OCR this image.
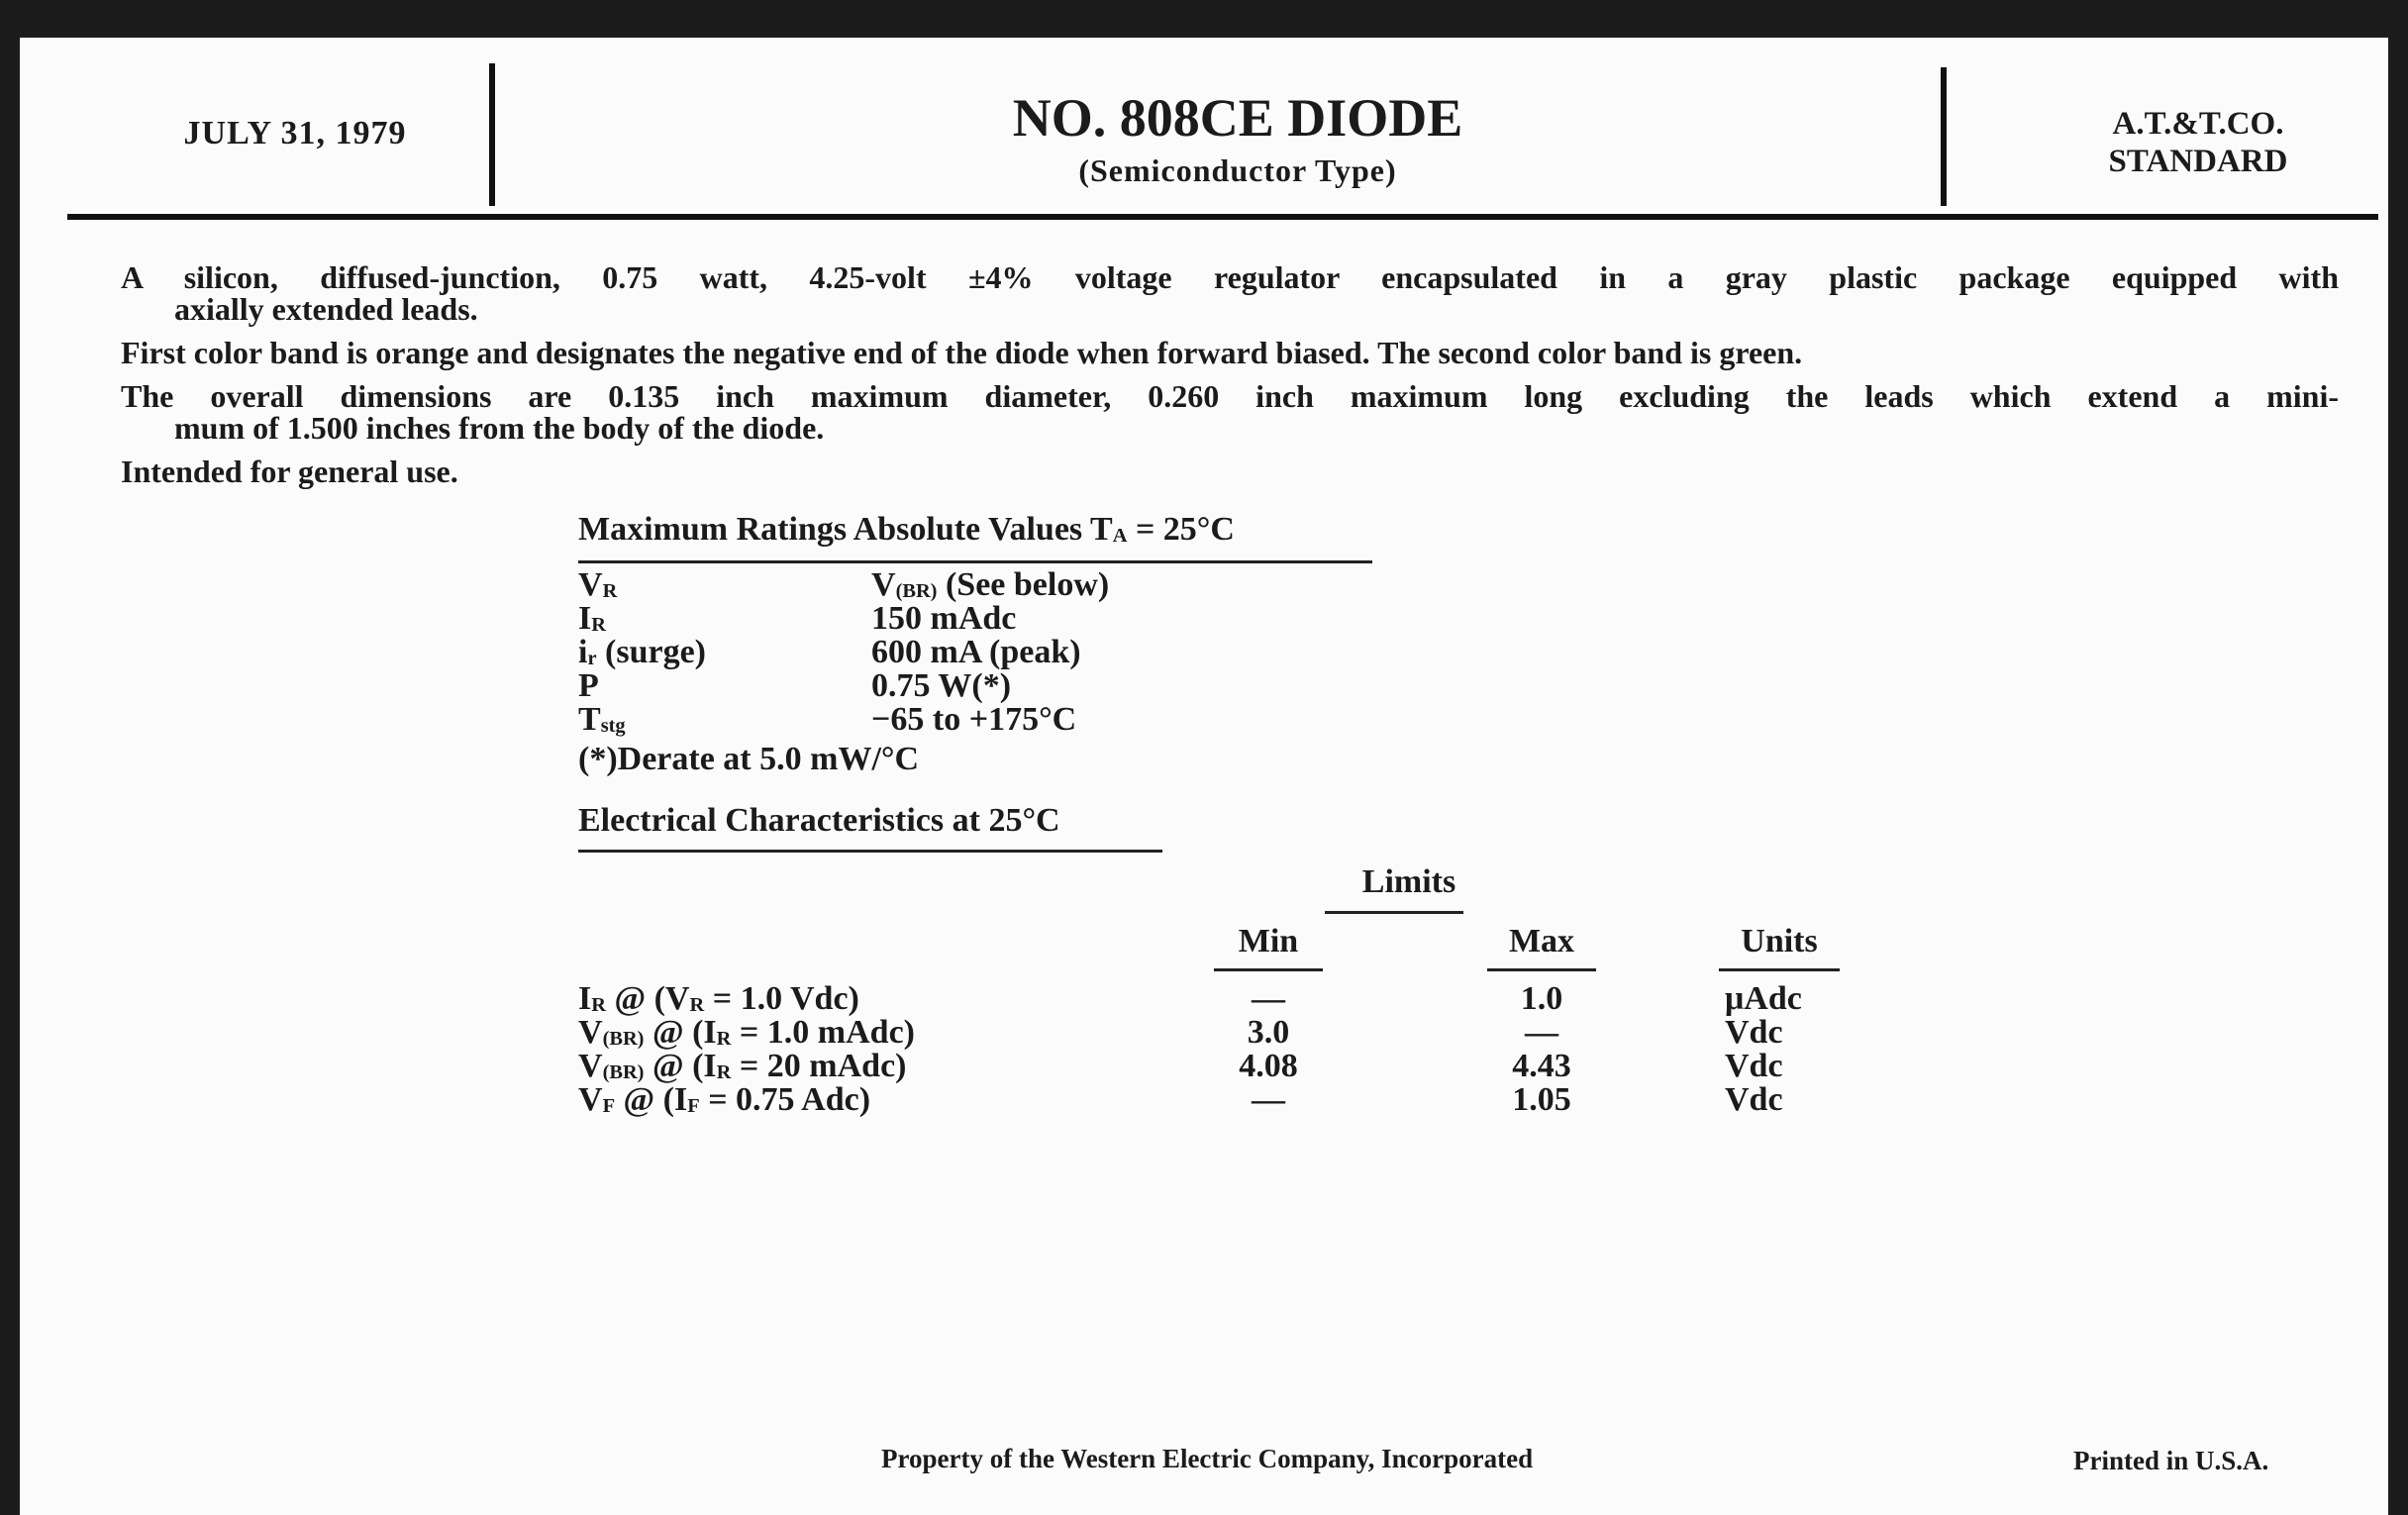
JULY 31, 1979	NO. 808CE DIODE
(Semiconductor Type)
A.T.&T.CO.
STANDARD
A silicon, diffused-junction, 0.75 watt, 4.25-volt ±4% voltage regulator encapsulated in a gray plastic package equipped with
axially extended leads.
First color band is orange and designates the negative end of the diode when forward biased. The second color band is green.
The overall dimensions are 0.135 inch maximum diameter, 0.260 inch maximum long excluding the leads which extend a mini-
mum of 1.500 inches from the body of the diode.
Intended for general use.
Maximum Ratings Absolute Values $T_A = 25^\circ C$
$V_R$	$V_{(BR)}$ (See below)
$I_R$	150 mAdc
$i_r$ (surge)	600 mA (peak)
P	0.75 W(*)
$T_{stg}$	−65 to +175°C
(*)Derate at 5.0 mW/°C
Electrical Characteristics at 25°C
Limits
Min	Max	Units
$I_R$ @ ($V_R = 1.0$ Vdc)	—	1.0	μAdc
$V_{(BR)}$ @ ($I_R = 1.0$ mAdc)	3.0	—	Vdc
$V_{(BR)}$ @ ($I_R = 20$ mAdc)	4.08	4.43	Vdc
$V_F$ @ ($I_F = 0.75$ Adc)	—	1.05	Vdc
Property of the Western Electric Company, Incorporated	Printed in U.S.A.
